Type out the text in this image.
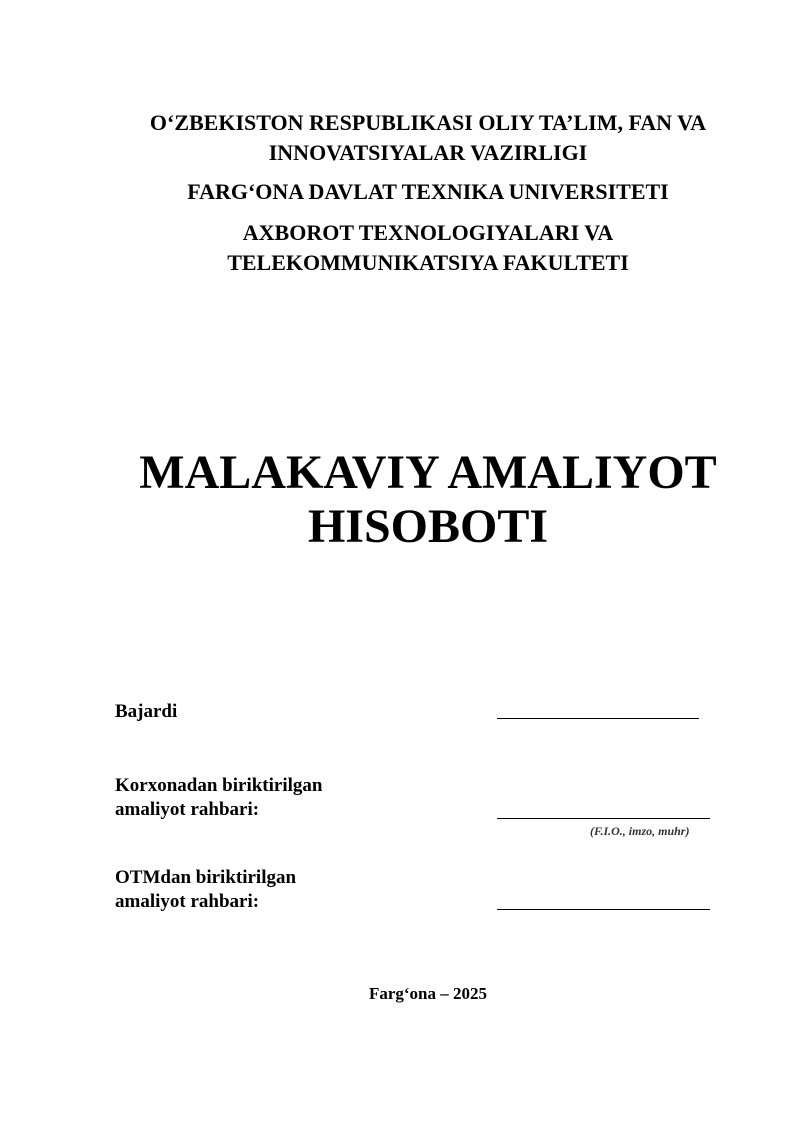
O‘ZBEKISTON RESPUBLIKASI OLIY TA’LIM, FAN VA
INNOVATSIYALAR VAZIRLIGI
FARG‘ONA DAVLAT TEXNIKA UNIVERSITETI
AXBOROT TEXNOLOGIYALARI VA
TELEKOMMUNIKATSIYA FAKULTETI
MALAKAVIY AMALIYOT
HISOBOTI
Bajardi
Korxonadan biriktirilgan
amaliyot rahbari:
(F.I.O., imzo, muhr)
OTMdan biriktirilgan
amaliyot rahbari:
Farg‘ona – 2025
